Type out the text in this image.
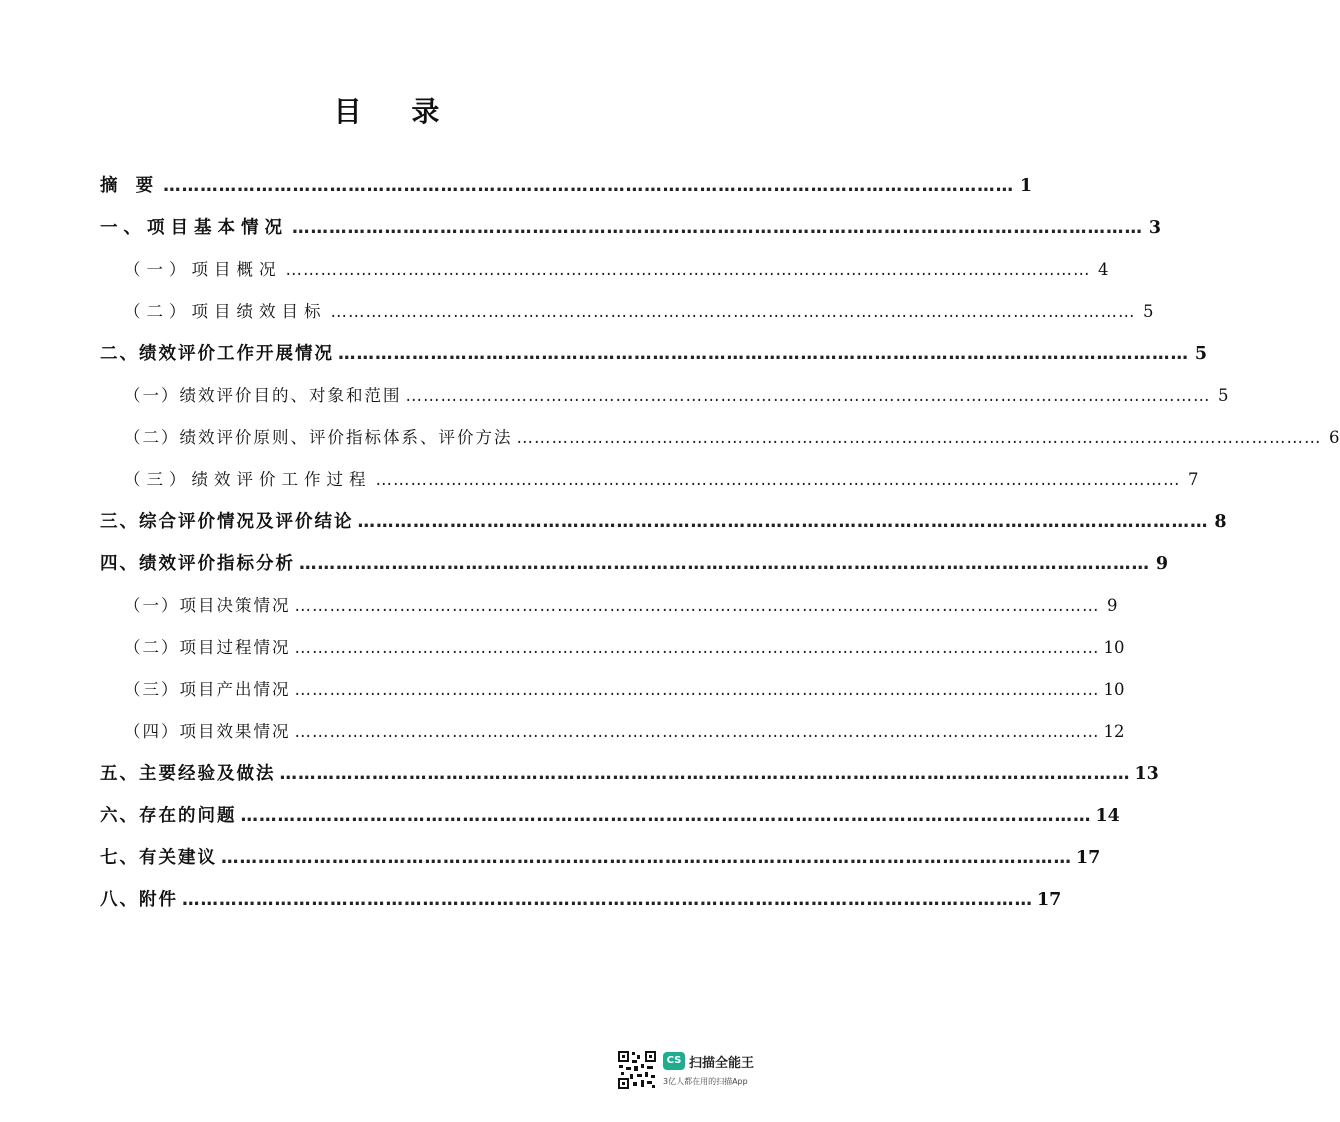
目 录
摘 要 ………………………………………………………………………………………………………………………… 1
一、项目基本情况 ………………………………………………………………………………………………………………………… 3
（一）项目概况 ………………………………………………………………………………………………………………………… 4
（二）项目绩效目标 ………………………………………………………………………………………………………………………… 5
二、绩效评价工作开展情况 ………………………………………………………………………………………………………………………… 5
（一）绩效评价目的、对象和范围 ………………………………………………………………………………………………………………………… 5
（二）绩效评价原则、评价指标体系、评价方法 ………………………………………………………………………………………………………………………… 6
（三）绩效评价工作过程 ………………………………………………………………………………………………………………………… 7
三、综合评价情况及评价结论 ………………………………………………………………………………………………………………………… 8
四、绩效评价指标分析 ………………………………………………………………………………………………………………………… 9
（一）项目决策情况 ………………………………………………………………………………………………………………………… 9
（二）项目过程情况 ………………………………………………………………………………………………………………………… 10
（三）项目产出情况 ………………………………………………………………………………………………………………………… 10
（四）项目效果情况 ………………………………………………………………………………………………………………………… 12
五、主要经验及做法 ………………………………………………………………………………………………………………………… 13
六、存在的问题 ………………………………………………………………………………………………………………………… 14
七、有关建议 ………………………………………………………………………………………………………………………… 17
八、附件 ………………………………………………………………………………………………………………………… 17
CS 扫描全能王
3亿人都在用的扫描App
